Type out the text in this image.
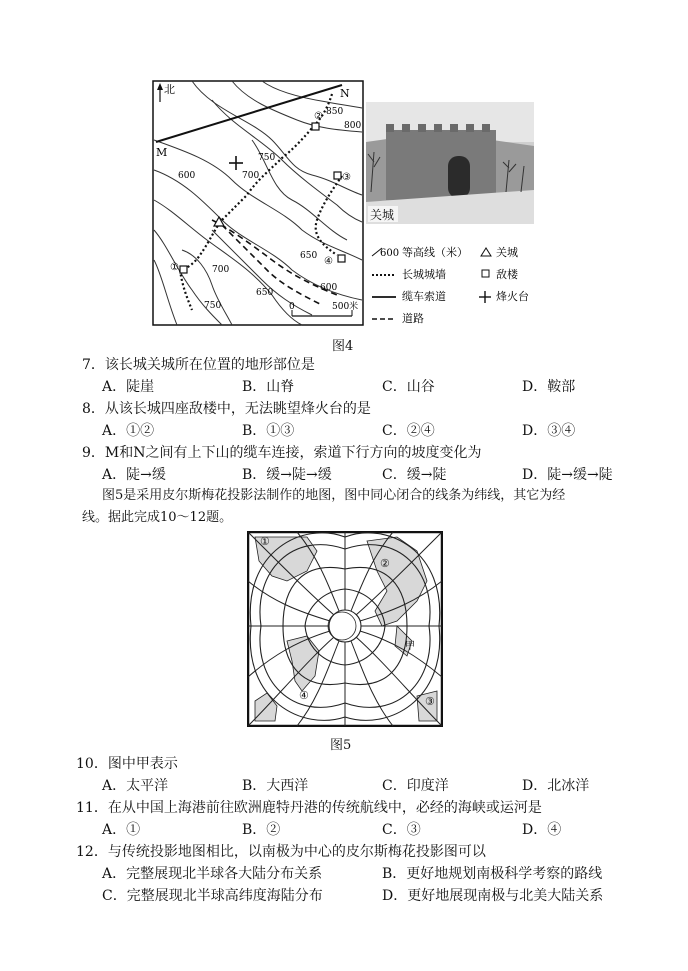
北
M
N
850
800
750
700
650
600
750
700
650
600
②
③
④
①
0	500米
关城
600 等高线（米）	关城
长城城墙	敌楼
缆车索道	烽火台
道路
图4
7．该长城关城所在位置的地形部位是
A．陡崖	B．山脊	C．山谷	D．鞍部
8．从该长城四座敌楼中，无法眺望烽火台的是
A．①②	B．①③	C．②④	D．③④
9．M和N之间有上下山的缆车连接，索道下行方向的坡度变化为
A．陡→缓	B．缓→陡→缓	C．缓→陡	D．陡→缓→陡
图5是采用皮尔斯梅花投影法制作的地图，图中同心闭合的线条为纬线，其它为经
线。据此完成10～12题。
①
②
③
④
甲
图5
10．图中甲表示
A．太平洋	B．大西洋	C．印度洋	D．北冰洋
11．在从中国上海港前往欧洲鹿特丹港的传统航线中，必经的海峡或运河是
A．①	B．②	C．③	D．④
12．与传统投影地图相比，以南极为中心的皮尔斯梅花投影图可以
A．完整展现北半球各大陆分布关系	B．更好地规划南极科学考察的路线
C．完整展现北半球高纬度海陆分布	D．更好地展现南极与北美大陆关系
